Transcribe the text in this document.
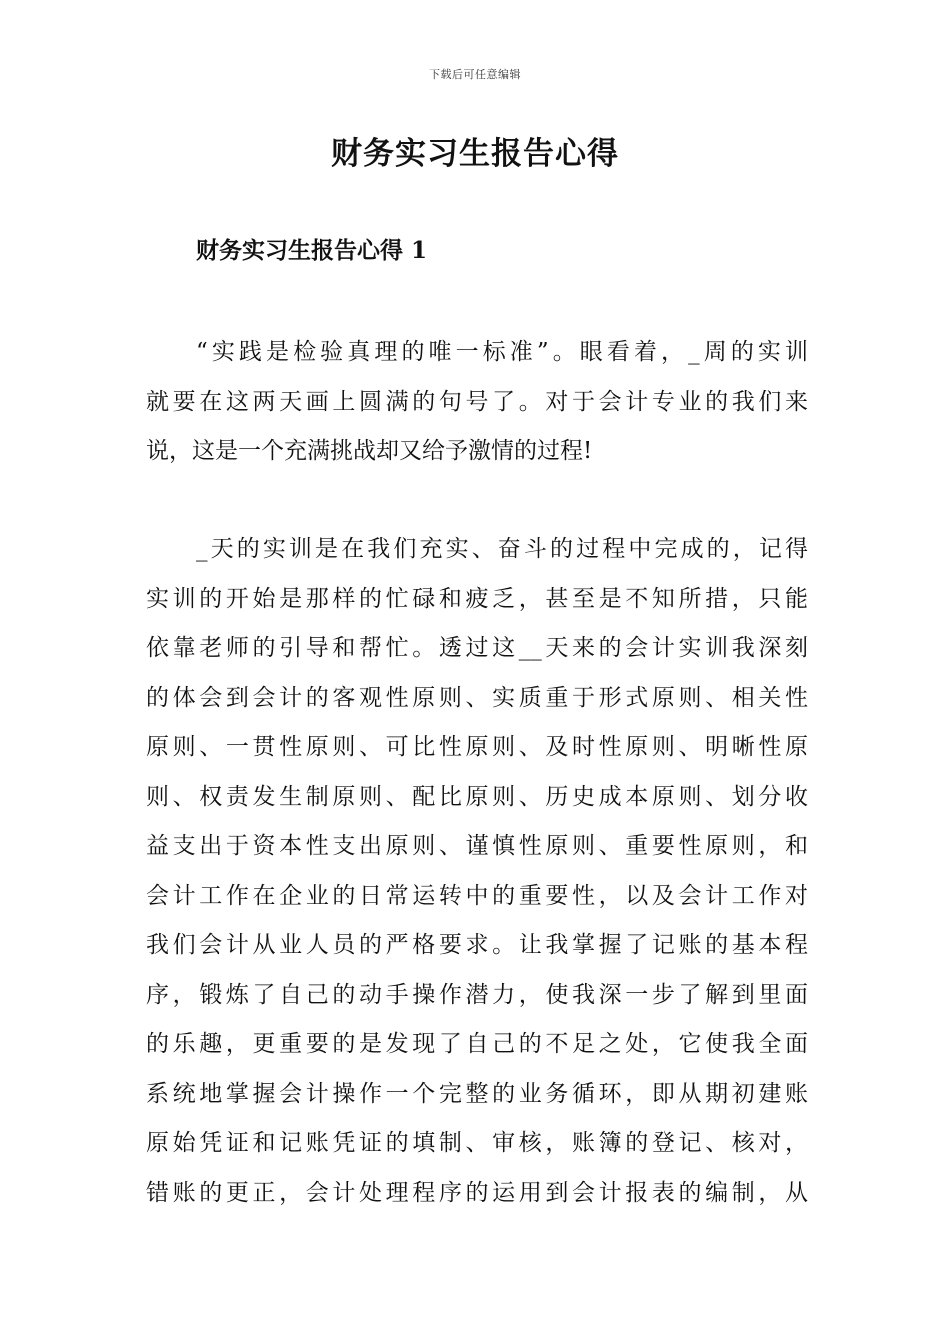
下载后可任意编辑
财务实习生报告心得
财务实习生报告心得 1
“实践是检验真理的唯一标准”。眼看着，_周的实训
就要在这两天画上圆满的句号了。对于会计专业的我们来
说，这是一个充满挑战却又给予激情的过程!
_天的实训是在我们充实、奋斗的过程中完成的，记得
实训的开始是那样的忙碌和疲乏，甚至是不知所措，只能
依靠老师的引导和帮忙。透过这__天来的会计实训我深刻
的体会到会计的客观性原则、实质重于形式原则、相关性
原则、一贯性原则、可比性原则、及时性原则、明晰性原
则、权责发生制原则、配比原则、历史成本原则、划分收
益支出于资本性支出原则、谨慎性原则、重要性原则，和
会计工作在企业的日常运转中的重要性，以及会计工作对
我们会计从业人员的严格要求。让我掌握了记账的基本程
序，锻炼了自己的动手操作潜力，使我深一步了解到里面
的乐趣，更重要的是发现了自己的不足之处，它使我全面
系统地掌握会计操作一个完整的业务循环，即从期初建账
原始凭证和记账凭证的填制、审核，账簿的登记、核对，
错账的更正，会计处理程序的运用到会计报表的编制，从
